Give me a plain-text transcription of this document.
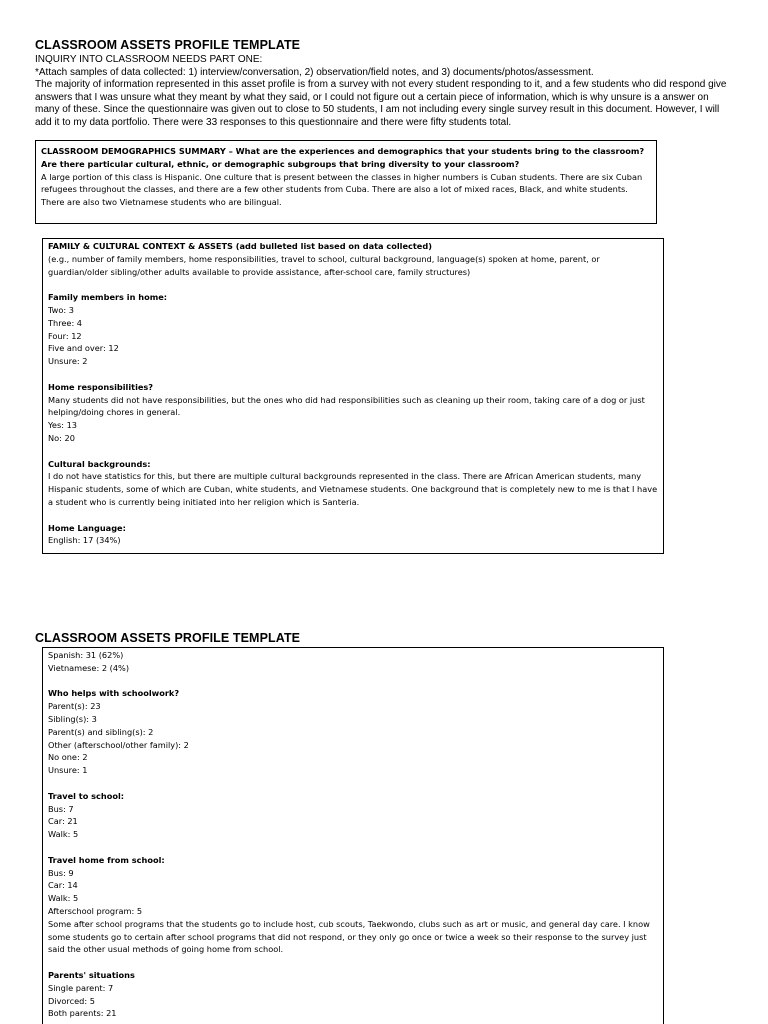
CLASSROOM ASSETS PROFILE TEMPLATE

INQUIRY INTO CLASSROOM NEEDS PART ONE:

*Attach samples of data collected: 1) interview/conversation, 2) observation/field notes, and 3) documents/photos/assessment.

The majority of information represented in this asset profile is from a survey with not every student responding to it, and a few students who did respond give answers that I was unsure what they meant by what they said, or I could not figure out a certain piece of information, which is why unsure is a answer on many of these. Since the questionnaire was given out to close to 50 students, I am not including every single survey result in this document. However, I will add it to my data portfolio. There were 33 responses to this questionnaire and there were fifty students total.

CLASSROOM DEMOGRAPHICS SUMMARY – What are the experiences and demographics that your students bring to the classroom? Are there particular cultural, ethnic, or demographic subgroups that bring diversity to your classroom?

A large portion of this class is Hispanic. One culture that is present between the classes in higher numbers is Cuban students. There are six Cuban refugees throughout the classes, and there are a few other students from Cuba. There are also a lot of mixed races, Black, and white students. There are also two Vietnamese students who are bilingual.

FAMILY & CULTURAL CONTEXT & ASSETS (add bulleted list based on data collected)

(e.g., number of family members, home responsibilities, travel to school, cultural background, language(s) spoken at home, parent, or guardian/older sibling/other adults available to provide assistance, after-school care, family structures)

Family members in home:

Two: 3

Three: 4

Four: 12

Five and over: 12

Unsure: 2

Home responsibilities?

Many students did not have responsibilities, but the ones who did had responsibilities such as cleaning up their room, taking care of a dog or just helping/doing chores in general.

Yes: 13

No: 20

Cultural backgrounds:

I do not have statistics for this, but there are multiple cultural backgrounds represented in the class. There are African American students, many Hispanic students, some of which are Cuban, white students, and Vietnamese students. One background that is completely new to me is that I have a student who is currently being initiated into her religion which is Santeria.

Home Language:

English: 17 (34%)

CLASSROOM ASSETS PROFILE TEMPLATE

Spanish: 31 (62%)

Vietnamese: 2 (4%)

Who helps with schoolwork?

Parent(s): 23

Sibling(s): 3

Parent(s) and sibling(s): 2

Other (afterschool/other family): 2

No one: 2

Unsure: 1

Travel to school:

Bus: 7

Car: 21

Walk: 5

Travel home from school:

Bus: 9

Car: 14

Walk: 5

Afterschool program: 5

Some after school programs that the students go to include host, cub scouts, Taekwondo, clubs such as art or music, and general day care. I know some students go to certain after school programs that did not respond, or they only go once or twice a week so their response to the survey just said the other usual methods of going home from school.

Parents' situations

Single parent: 7

Divorced: 5

Both parents: 21
